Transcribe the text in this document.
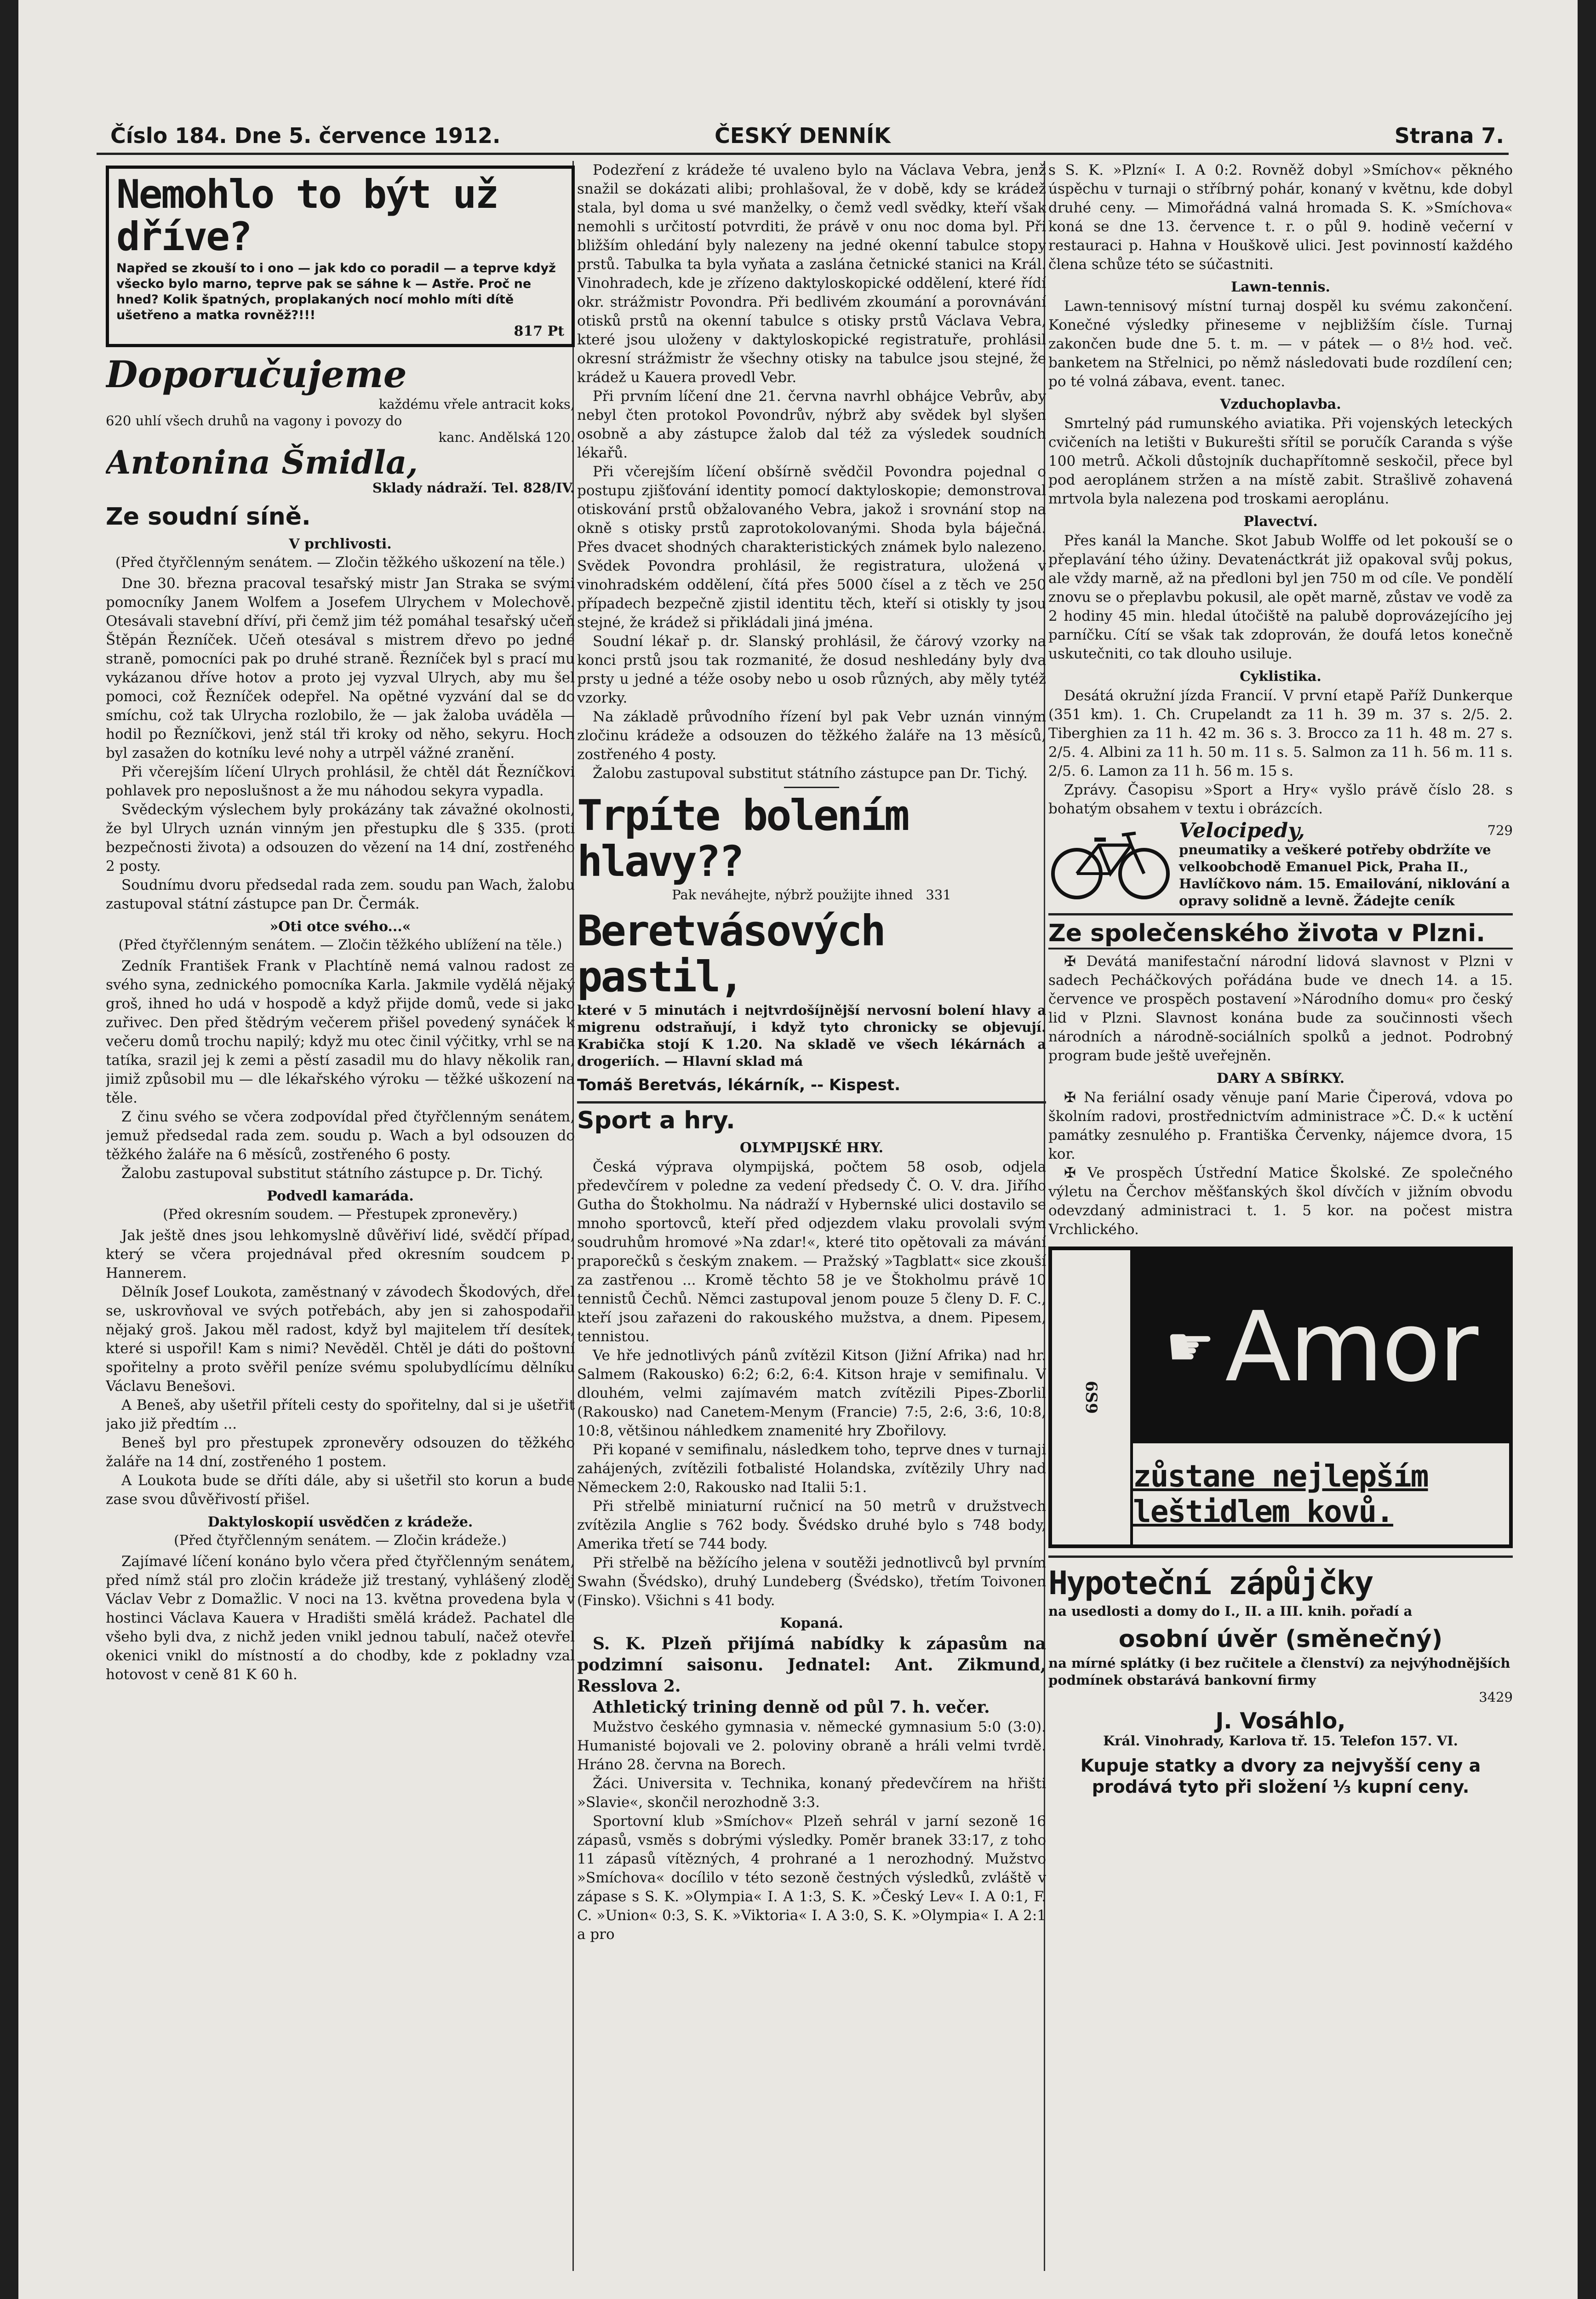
Číslo 184. Dne 5. července 1912.	ČESKÝ DENNÍK	Strana 7.

Nemohlo to být už dříve?

Napřed se zkouší to i ono — jak kdo co poradil — a teprve když všecko bylo marno, teprve pak se sáhne k — Astře. Proč ne hned? Kolik špatných, proplakaných nocí mohlo míti dítě ušetřeno a matka rovněž?!!!

817 Pt

Doporučujeme

každému vřele antracit koks,

620 uhlí všech druhů na vagony i povozy do

kanc. Andělská 120.

Antonina Šmidla,

Sklady nádraží. Tel. 828/IV.

Ze soudní síně.

V prchlivosti.

(Před čtyřčlenným senátem. — Zločin těžkého uškození na těle.)

Dne 30. března pracoval tesařský mistr Jan Straka se svými pomocníky Janem Wolfem a Josefem Ulrychem v Molechově. Otesávali stavební dříví, při čemž jim též pomáhal tesařský učeň Štěpán Řezníček. Učeň otesával s mistrem dřevo po jedné straně, pomocníci pak po druhé straně. Řezníček byl s prací mu vykázanou dříve hotov a proto jej vyzval Ulrych, aby mu šel pomoci, což Řezníček odepřel. Na opětné vyzvání dal se do smíchu, což tak Ulrycha rozlobilo, že — jak žaloba uváděla — hodil po Řezníčkovi, jenž stál tři kroky od něho, sekyru. Hoch byl zasažen do kotníku levé nohy a utrpěl vážné zranění.

Při včerejším líčení Ulrych prohlásil, že chtěl dát Řezníčkovi pohlavek pro neposlušnost a že mu náhodou sekyra vypadla.

Svědeckým výslechem byly prokázány tak závažné okolnosti, že byl Ulrych uznán vinným jen přestupku dle § 335. (proti bezpečnosti života) a odsouzen do vězení na 14 dní, zostřeného 2 posty.

Soudnímu dvoru předsedal rada zem. soudu pan Wach, žalobu zastupoval státní zástupce pan Dr. Čermák.

»Oti otce svého...«

(Před čtyřčlenným senátem. — Zločin těžkého ublížení na těle.)

Zedník František Frank v Plachtíně nemá valnou radost ze svého syna, zednického pomocníka Karla. Jakmile vydělá nějaký groš, ihned ho udá v hospodě a když přijde domů, vede si jako zuřivec. Den před štědrým večerem přišel povedený synáček k večeru domů trochu napilý; když mu otec činil výčitky, vrhl se na tatíka, srazil jej k zemi a pěstí zasadil mu do hlavy několik ran, jimiž způsobil mu — dle lékařského výroku — těžké uškození na těle.

Z činu svého se včera zodpovídal před čtyřčlenným senátem, jemuž předsedal rada zem. soudu p. Wach a byl odsouzen do těžkého žaláře na 6 měsíců, zostřeného 6 posty.

Žalobu zastupoval substitut státního zástupce p. Dr. Tichý.

Podvedl kamaráda.

(Před okresním soudem. — Přestupek zpronevěry.)

Jak ještě dnes jsou lehkomyslně důvěřiví lidé, svědčí případ, který se včera projednával před okresním soudcem p. Hannerem.

Dělník Josef Loukota, zaměstnaný v závodech Škodových, dřel se, uskrovňoval ve svých potřebách, aby jen si zahospodařil nějaký groš. Jakou měl radost, když byl majitelem tří desítek, které si uspořil! Kam s nimi? Nevěděl. Chtěl je dáti do poštovní spořitelny a proto svěřil peníze svému spolubydlícímu dělníku Václavu Benešovi.

A Beneš, aby ušetřil příteli cesty do spořitelny, dal si je ušetřit jako již předtím ...

Beneš byl pro přestupek zpronevěry odsouzen do těžkého žaláře na 14 dní, zostřeného 1 postem.

A Loukota bude se dříti dále, aby si ušetřil sto korun a bude zase svou důvěřivostí přišel.

Daktyloskopií usvědčen z krádeže.

(Před čtyřčlenným senátem. — Zločin krádeže.)

Zajímavé líčení konáno bylo včera před čtyřčlenným senátem, před nímž stál pro zločin krádeže již trestaný, vyhlášený zloděj Václav Vebr z Domažlic. V noci na 13. května provedena byla v hostinci Václava Kauera v Hradišti smělá krádež. Pachatel dle všeho byli dva, z nichž jeden vnikl jednou tabulí, načež otevřel okenici vnikl do místností a do chodby, kde z pokladny vzal hotovost v ceně 81 K 60 h.

Podezření z krádeže té uvaleno bylo na Václava Vebra, jenž snažil se dokázati alibi; prohlašoval, že v době, kdy se krádež stala, byl doma u své manželky, o čemž vedl svědky, kteří však nemohli s určitostí potvrditi, že právě v onu noc doma byl. Při bližším ohledání byly nalezeny na jedné okenní tabulce stopy prstů. Tabulka ta byla vyňata a zaslána četnické stanici na Král. Vinohradech, kde je zřízeno daktyloskopické oddělení, které řídí okr. strážmistr Povondra. Při bedlivém zkoumání a porovnávání otisků prstů na okenní tabulce s otisky prstů Václava Vebra, které jsou uloženy v daktyloskopické registratuře, prohlásil okresní strážmistr že všechny otisky na tabulce jsou stejné, že krádež u Kauera provedl Vebr.

Při prvním líčení dne 21. června navrhl obhájce Vebrův, aby nebyl čten protokol Povondrův, nýbrž aby svědek byl slyšen osobně a aby zástupce žalob dal též za výsledek soudních lékařů.

Při včerejším líčení obšírně svědčil Povondra pojednal o postupu zjišťování identity pomocí daktyloskopie; demonstroval otiskování prstů obžalovaného Vebra, jakož i srovnání stop na okně s otisky prstů zaprotokolovanými. Shoda byla báječná. Přes dvacet shodných charakteristických známek bylo nalezeno. Svědek Povondra prohlásil, že registratura, uložená v vinohradském oddělení, čítá přes 5000 čísel a z těch ve 250 případech bezpečně zjistil identitu těch, kteří si otiskly ty jsou stejné, že krádež si přikládali jiná jména.

Soudní lékař p. dr. Slanský prohlásil, že čárový vzorky na konci prstů jsou tak rozmanité, že dosud neshledány byly dva prsty u jedné a téže osoby nebo u osob různých, aby měly tytéž vzorky.

Na základě průvodního řízení byl pak Vebr uznán vinným zločinu krádeže a odsouzen do těžkého žaláře na 13 měsíců, zostřeného 4 posty.

Žalobu zastupoval substitut státního zástupce pan Dr. Tichý.

Trpíte bolením hlavy??

Pak neváhejte, nýbrž použijte ihned 331

Beretvásových pastil,

které v 5 minutách i nejtvrdošíjnější nervosní bolení hlavy a migrenu odstraňují, i když tyto chronicky se objevují. Krabička stojí K 1.20. Na skladě ve všech lékárnách a drogeriích. — Hlavní sklad má

Tomáš Beretvás, lékárník, -- Kispest.

Sport a hry.

OLYMPIJSKÉ HRY.

Česká výprava olympijská, počtem 58 osob, odjela předevčírem v poledne za vedení předsedy Č. O. V. dra. Jiřího Gutha do Štokholmu. Na nádraží v Hybernské ulici dostavilo se mnoho sportovců, kteří před odjezdem vlaku provolali svým soudruhům hromové »Na zdar!«, které tito opětovali za mávání praporečků s českým znakem. — Pražský »Tagblatt« sice zkouší za zastřenou ... Kromě těchto 58 je ve Štokholmu právě 10 tennistů Čechů. Němci zastupoval jenom pouze 5 členy D. F. C., kteří jsou zařazeni do rakouského mužstva, a dnem. Pipesem, tennistou.

Ve hře jednotlivých pánů zvítězil Kitson (Jižní Afrika) nad hr. Salmem (Rakousko) 6:2; 6:2, 6:4. Kitson hraje v semifinalu. V dlouhém, velmi zajímavém match zvítězili Pipes-Zborlil (Rakousko) nad Canetem-Menym (Francie) 7:5, 2:6, 3:6, 10:8, 10:8, většinou náhledkem znamenité hry Zbořilovy.

Při kopané v semifinalu, následkem toho, teprve dnes v turnaji zahájených, zvítězili fotbalisté Holandska, zvítězily Uhry nad Německem 2:0, Rakousko nad Italii 5:1.

Při střelbě miniaturní ručnicí na 50 metrů v družstvech zvítězila Anglie s 762 body. Švédsko druhé bylo s 748 body, Amerika třetí se 744 body.

Při střelbě na běžícího jelena v soutěži jednotlivců byl prvním Swahn (Švédsko), druhý Lundeberg (Švédsko), třetím Toivonen (Finsko). Všichni s 41 body.

Kopaná.

S. K. Plzeň přijímá nabídky k zápasům na podzimní saisonu. Jednatel: Ant. Zikmund, Resslova 2.

Athletický trining denně od půl 7. h. večer.

Mužstvo českého gymnasia v. německé gymnasium 5:0 (3:0). Humanisté bojovali ve 2. poloviny obraně a hráli velmi tvrdě. Hráno 28. června na Borech.

Žáci. Universita v. Technika, konaný předevčírem na hřišti »Slavie«, skončil nerozhodně 3:3.

Sportovní klub »Smíchov« Plzeň sehrál v jarní sezoně 16 zápasů, vsměs s dobrými výsledky. Poměr branek 33:17, z toho 11 zápasů vítězných, 4 prohrané a 1 nerozhodný. Mužstvo »Smíchova« docílilo v této sezoně čestných výsledků, zvláště v zápase s S. K. »Olympia« I. A 1:3, S. K. »Český Lev« I. A 0:1, F. C. »Union« 0:3, S. K. »Viktoria« I. A 3:0, S. K. »Olympia« I. A 2:1 a pro

s S. K. »Plzní« I. A 0:2. Rovněž dobyl »Smíchov« pěkného úspěchu v turnaji o stříbrný pohár, konaný v květnu, kde dobyl druhé ceny. — Mimořádná valná hromada S. K. »Smíchova« koná se dne 13. července t. r. o půl 9. hodině večerní v restauraci p. Hahna v Houškově ulici. Jest povinností každého člena schůze této se súčastniti.

Lawn-tennis.

Lawn-tennisový místní turnaj dospěl ku svému zakončení. Konečné výsledky přineseme v nejbližším čísle. Turnaj zakončen bude dne 5. t. m. — v pátek — o 8½ hod. več. banketem na Střelnici, po němž následovati bude rozdílení cen; po té volná zábava, event. tanec.

Vzduchoplavba.

Smrtelný pád rumunského aviatika. Při vojenských leteckých cvičeních na letišti v Bukurešti sřítil se poručík Caranda s výše 100 metrů. Ačkoli důstojník duchapřítomně seskočil, přece byl pod aeroplánem stržen a na místě zabit. Strašlivě zohavená mrtvola byla nalezena pod troskami aeroplánu.

Plavectví.

Přes kanál la Manche. Skot Jabub Wolffe od let pokouší se o přeplavání tého úžiny. Devatenáctkrát již opakoval svůj pokus, ale vždy marně, až na předloni byl jen 750 m od cíle. Ve pondělí znovu se o přeplavbu pokusil, ale opět marně, zůstav ve vodě za 2 hodiny 45 min. hledal útočiště na palubě doprovázejícího jej parníčku. Cítí se však tak zdoprován, že doufá letos konečně uskutečniti, co tak dlouho usiluje.

Cyklistika.

Desátá okružní jízda Francií. V první etapě Paříž Dunkerque (351 km). 1. Ch. Crupelandt za 11 h. 39 m. 37 s. 2/5. 2. Tiberghien za 11 h. 42 m. 36 s. 3. Brocco za 11 h. 48 m. 27 s. 2/5. 4. Albini za 11 h. 50 m. 11 s. 5. Salmon za 11 h. 56 m. 11 s. 2/5. 6. Lamon za 11 h. 56 m. 15 s.

Zprávy. Časopisu »Sport a Hry« vyšlo právě číslo 28. s bohatým obsahem v textu i obrázcích.

Velocipedy,	729

pneumatiky a veškeré potřeby obdržíte ve velkoobchodě Emanuel Pick, Praha II., Havlíčkovo nám. 15. Emailování, niklování a opravy solidně a levně. Žádejte ceník

Ze společenského života v Plzni.

✠ Devátá manifestační národní lidová slavnost v Plzni v sadech Pecháčkových pořádána bude ve dnech 14. a 15. července ve prospěch postavení »Národního domu« pro český lid v Plzni. Slavnost konána bude za součinnosti všech národních a národně-sociálních spolků a jednot. Podrobný program bude ještě uveřejněn.

DARY A SBÍRKY.

✠ Na feriální osady věnuje paní Marie Čiperová, vdova po školním radovi, prostřednictvím administrace »Č. D.« k uctění památky zesnulého p. Františka Červenky, nájemce dvora, 15 kor.

✠ Ve prospěch Ústřední Matice Školské. Ze společného výletu na Čerchov měšťanských škol dívčích v jižním obvodu odevzdaný administraci t. 1. 5 kor. na počest mistra Vrchlického.

6S9
☛ Amor
zůstane nejlepším leštidlem kovů.

Hypoteční zápůjčky

na usedlosti a domy do I., II. a III. knih. pořadí a

osobní úvěr (směnečný)

na mírné splátky (i bez ručitele a členství) za nejvýhodnějších podmínek obstarává bankovní firmy

3429

J. Vosáhlo,

Král. Vinohrady, Karlova tř. 15. Telefon 157. VI.

Kupuje statky a dvory za nejvyšší ceny a prodává tyto při složení ⅓ kupní ceny.
